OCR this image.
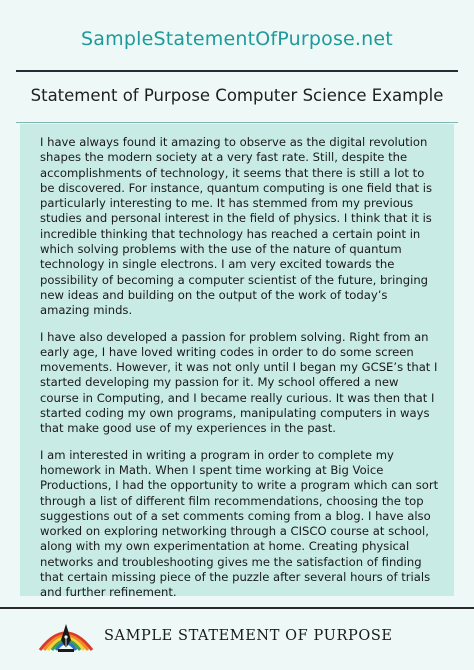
SampleStatementOfPurpose.net
Statement of Purpose Computer Science Example

I have always found it amazing to observe as the digital revolution shapes the modern society at a very fast rate. Still, despite the accomplishments of technology, it seems that there is still a lot to be discovered. For instance, quantum computing is one field that is particularly interesting to me. It has stemmed from my previous studies and personal interest in the field of physics. I think that it is incredible thinking that technology has reached a certain point in which solving problems with the use of the nature of quantum technology in single electrons. I am very excited towards the possibility of becoming a computer scientist of the future, bringing new ideas and building on the output of the work of today’s amazing minds.

I have also developed a passion for problem solving. Right from an early age, I have loved writing codes in order to do some screen movements. However, it was not only until I began my GCSE’s that I started developing my passion for it. My school offered a new course in Computing, and I became really curious. It was then that I started coding my own programs, manipulating computers in ways that make good use of my experiences in the past.

I am interested in writing a program in order to complete my homework in Math. When I spent time working at Big Voice Productions, I had the opportunity to write a program which can sort through a list of different film recommendations, choosing the top suggestions out of a set comments coming from a blog. I have also worked on exploring networking through a CISCO course at school, along with my own experimentation at home. Creating physical networks and troubleshooting gives me the satisfaction of finding that certain missing piece of the puzzle after several hours of trials and further refinement.

SAMPLE STATEMENT OF PURPOSE
